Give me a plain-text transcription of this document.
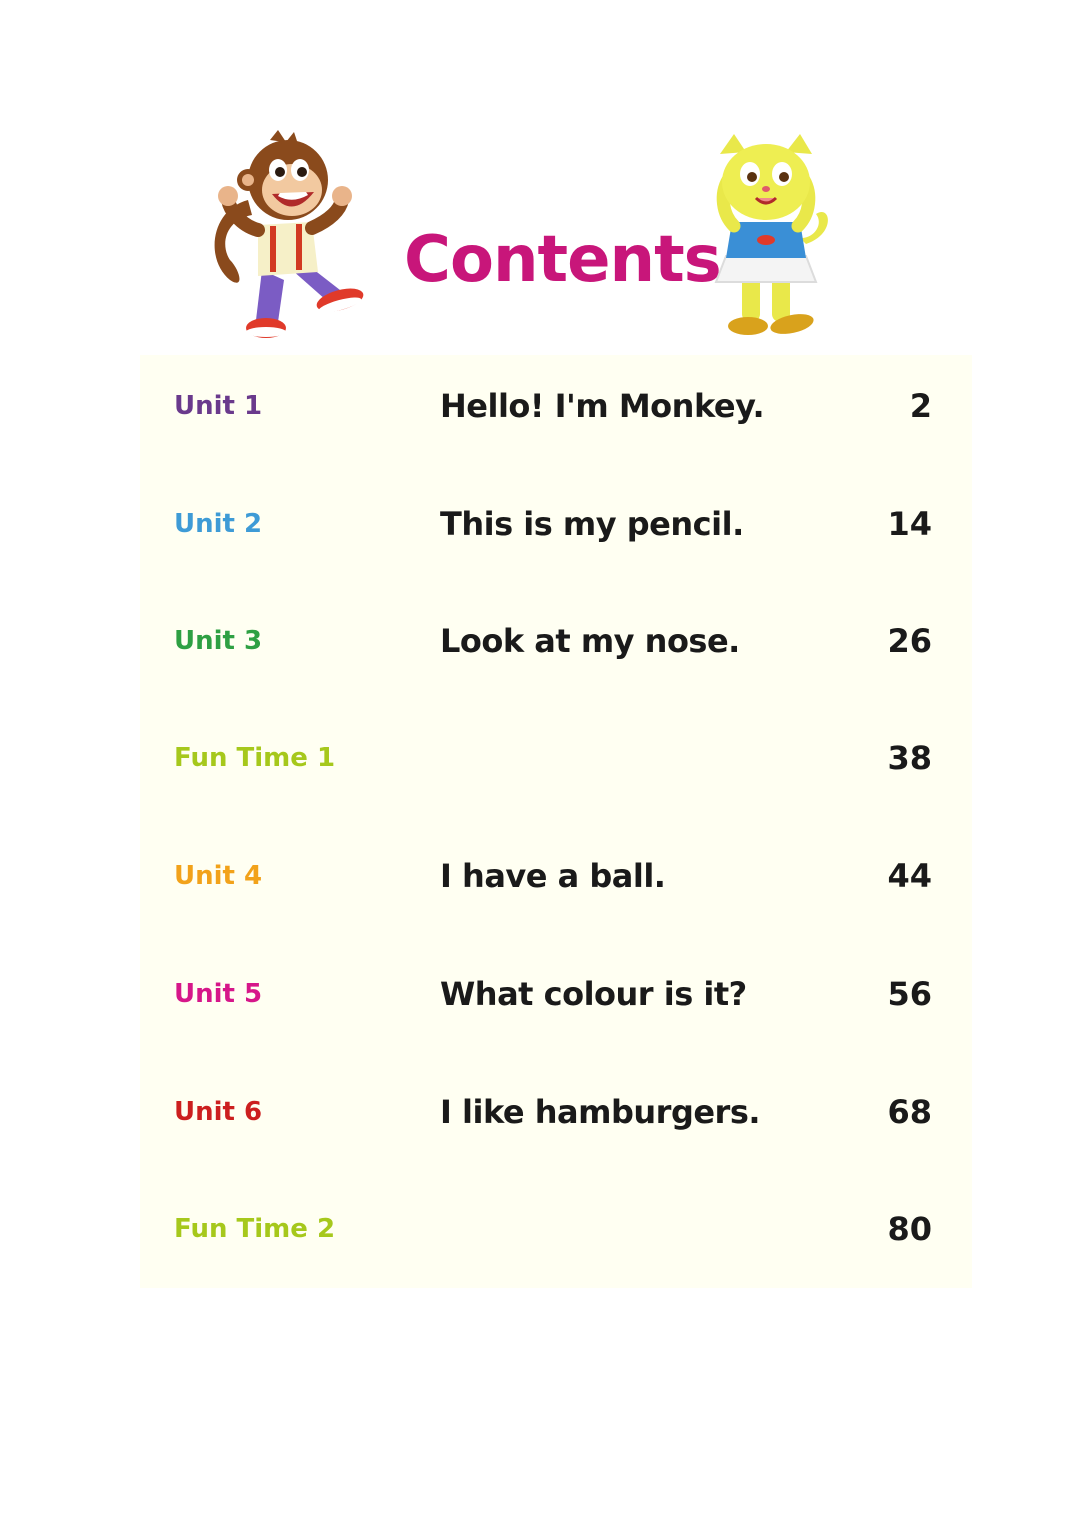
Contents
Unit 1	Hello! I'm Monkey.	2
Unit 2	This is my pencil.	14
Unit 3	Look at my nose.	26
Fun Time 1	38
Unit 4	I have a ball.	44
Unit 5	What colour is it?	56
Unit 6	I like hamburgers.	68
Fun Time 2	80
